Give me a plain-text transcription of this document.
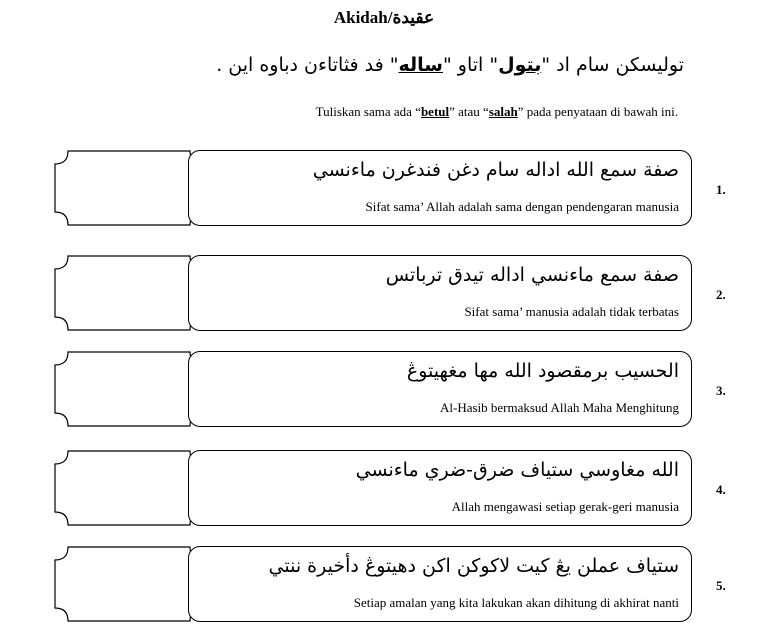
Akidah/عقيدة
توليسكن سام اد "بتول" اتاو "ساله" فد فثاتاءن دباوه اين .
Tuliskan sama ada “betul” atau “salah” pada penyataan di bawah ini.
صفة سمع الله اداله سام دغن فندغرن ماءنسي
Sifat sama’ Allah adalah sama dengan pendengaran manusia
1.
صفة سمع ماءنسي اداله تيدق ترباتس
Sifat sama’ manusia adalah tidak terbatas
2.
الحسيب برمقصود الله مها مغهيتوڠ
Al-Hasib bermaksud Allah Maha Menghitung
3.
الله مغاوسي ستياف ضرق-ضري ماءنسي
Allah mengawasi setiap gerak-geri manusia
4.
ستياف عملن يڠ كيت لاكوكن اكن دهيتوڠ دأخيرة ننتي
Setiap amalan yang kita lakukan akan dihitung di akhirat nanti
5.
